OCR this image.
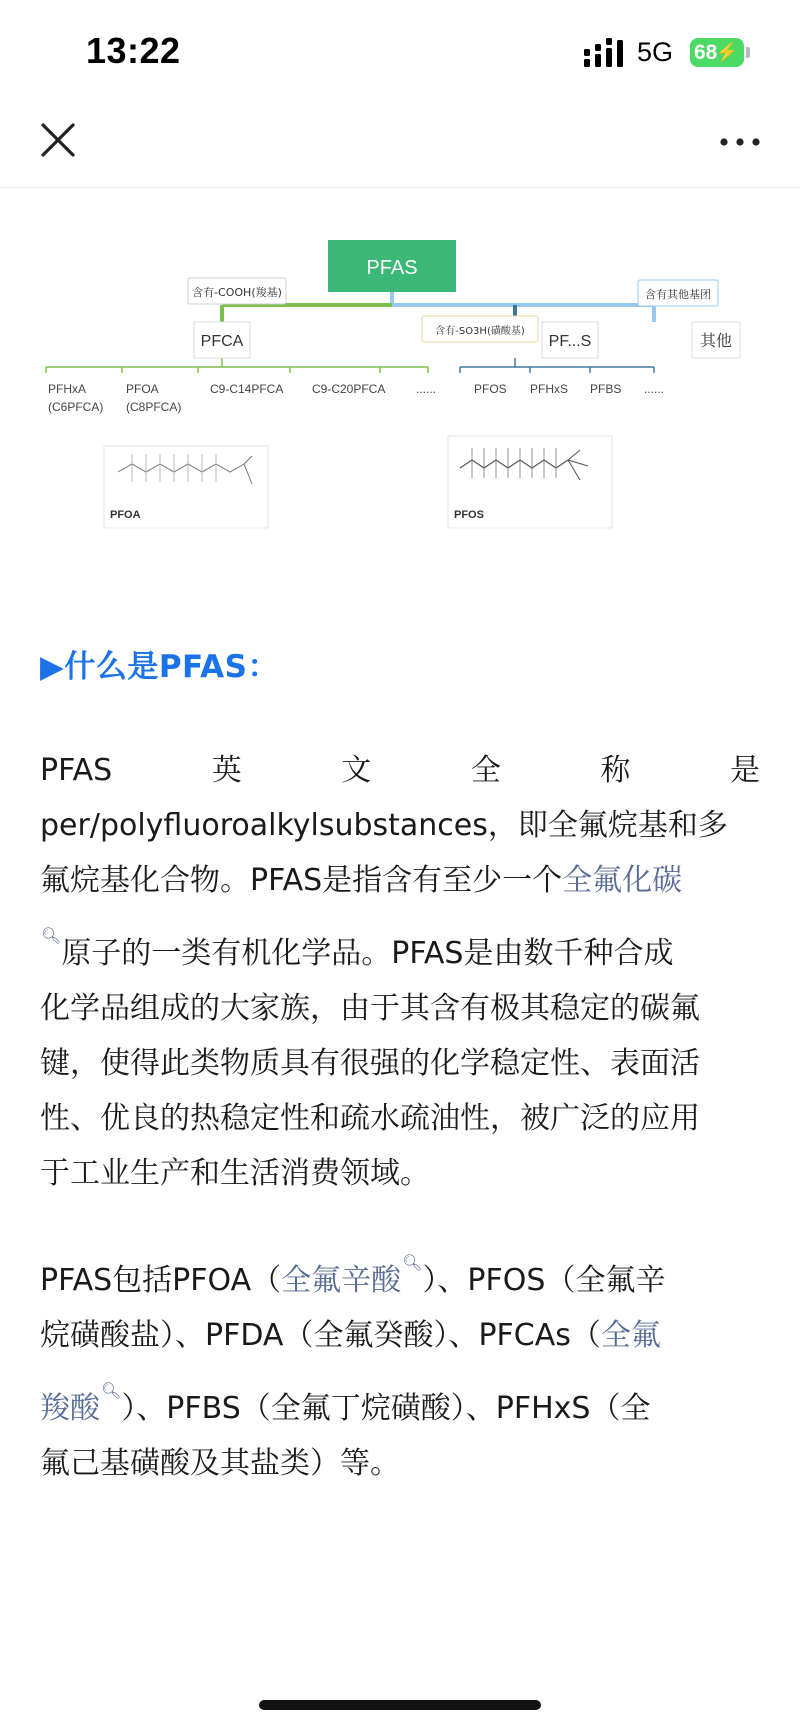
13:22	5G 68
⚡
PFAS
含有-COOH(羧基)
含有-SO3H(磺酸基)
含有其他基团
PFCA	PF...S	其他
PFHxA
(C6PFCA)
PFOA
(C8PFCA)
C9-C14PFCA C9-C20PFCA	......	PFOS PFHxS PFBS ......
PFOA	PFOS
▶什么是PFAS：
PFAS	英	文	全	称	是
per/polyfluoroalkylsubstances，即全氟烷基和多
氟烷基化合物。PFAS是指含有至少一个全氟化碳
🔍︎原子的一类有机化学品。PFAS是由数千种合成
化学品组成的大家族，由于其含有极其稳定的碳氟
键，使得此类物质具有很强的化学稳定性、表面活
性、优良的热稳定性和疏水疏油性，被广泛的应用
于工业生产和生活消费领域。
PFAS包括PFOA（全氟辛酸🔍︎）、PFOS（全氟辛
烷磺酸盐）、PFDA（全氟癸酸）、PFCAs（全氟
羧酸🔍︎）、PFBS（全氟丁烷磺酸）、PFHxS（全
氟己基磺酸及其盐类）等。
